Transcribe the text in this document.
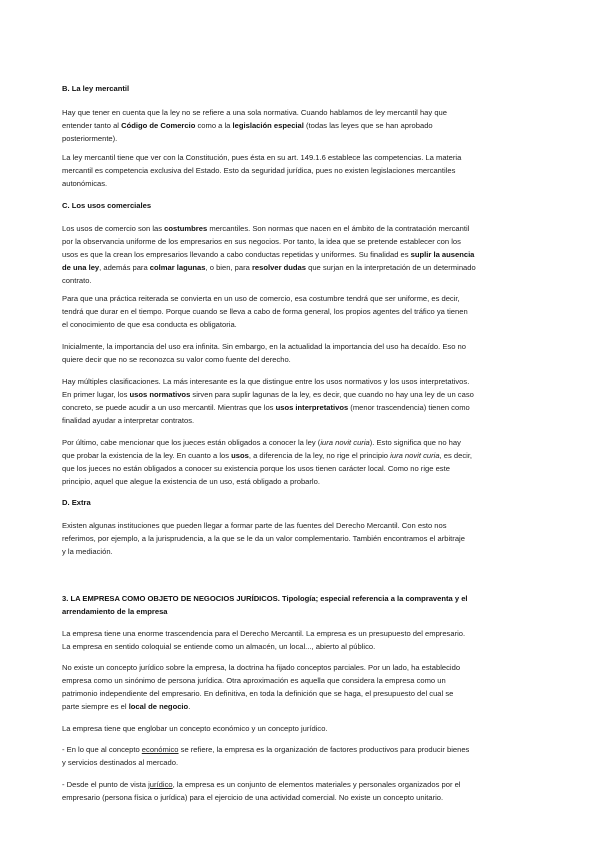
B. La ley mercantil
Hay que tener en cuenta que la ley no se refiere a una sola normativa. Cuando hablamos de ley mercantil hay que
entender tanto al Código de Comercio como a la legislación especial (todas las leyes que se han aprobado
posteriormente).
La ley mercantil tiene que ver con la Constitución, pues ésta en su art. 149.1.6 establece las competencias. La materia
mercantil es competencia exclusiva del Estado. Esto da seguridad jurídica, pues no existen legislaciones mercantiles
autonómicas.
C. Los usos comerciales
Los usos de comercio son las costumbres mercantiles. Son normas que nacen en el ámbito de la contratación mercantil
por la observancia uniforme de los empresarios en sus negocios. Por tanto, la idea que se pretende establecer con los
usos es que la crean los empresarios llevando a cabo conductas repetidas y uniformes. Su finalidad es suplir la ausencia
de una ley, además para colmar lagunas, o bien, para resolver dudas que surjan en la interpretación de un determinado
contrato.
Para que una práctica reiterada se convierta en un uso de comercio, esa costumbre tendrá que ser uniforme, es decir,
tendrá que durar en el tiempo. Porque cuando se lleva a cabo de forma general, los propios agentes del tráfico ya tienen
el conocimiento de que esa conducta es obligatoria.
Inicialmente, la importancia del uso era infinita. Sin embargo, en la actualidad la importancia del uso ha decaído. Eso no
quiere decir que no se reconozca su valor como fuente del derecho.
Hay múltiples clasificaciones. La más interesante es la que distingue entre los usos normativos y los usos interpretativos.
En primer lugar, los usos normativos sirven para suplir lagunas de la ley, es decir, que cuando no hay una ley de un caso
concreto, se puede acudir a un uso mercantil. Mientras que los usos interpretativos (menor trascendencia) tienen como
finalidad ayudar a interpretar contratos.
Por último, cabe mencionar que los jueces están obligados a conocer la ley (iura novit curia). Esto significa que no hay
que probar la existencia de la ley. En cuanto a los usos, a diferencia de la ley, no rige el principio iura novit curia, es decir,
que los jueces no están obligados a conocer su existencia porque los usos tienen carácter local. Como no rige este
principio, aquel que alegue la existencia de un uso, está obligado a probarlo.
D. Extra
Existen algunas instituciones que pueden llegar a formar parte de las fuentes del Derecho Mercantil. Con esto nos
referimos, por ejemplo, a la jurisprudencia, a la que se le da un valor complementario. También encontramos el arbitraje
y la mediación.
3. LA EMPRESA COMO OBJETO DE NEGOCIOS JURÍDICOS. Tipología; especial referencia a la compraventa y el
arrendamiento de la empresa
La empresa tiene una enorme trascendencia para el Derecho Mercantil. La empresa es un presupuesto del empresario.
La empresa en sentido coloquial se entiende como un almacén, un local..., abierto al público.
No existe un concepto jurídico sobre la empresa, la doctrina ha fijado conceptos parciales. Por un lado, ha establecido
empresa como un sinónimo de persona jurídica. Otra aproximación es aquella que considera la empresa como un
patrimonio independiente del empresario. En definitiva, en toda la definición que se haga, el presupuesto del cual se
parte siempre es el local de negocio.
La empresa tiene que englobar un concepto económico y un concepto jurídico.
- En lo que al concepto económico se refiere, la empresa es la organización de factores productivos para producir bienes
y servicios destinados al mercado.
- Desde el punto de vista jurídico, la empresa es un conjunto de elementos materiales y personales organizados por el
empresario (persona física o jurídica) para el ejercicio de una actividad comercial. No existe un concepto unitario.
